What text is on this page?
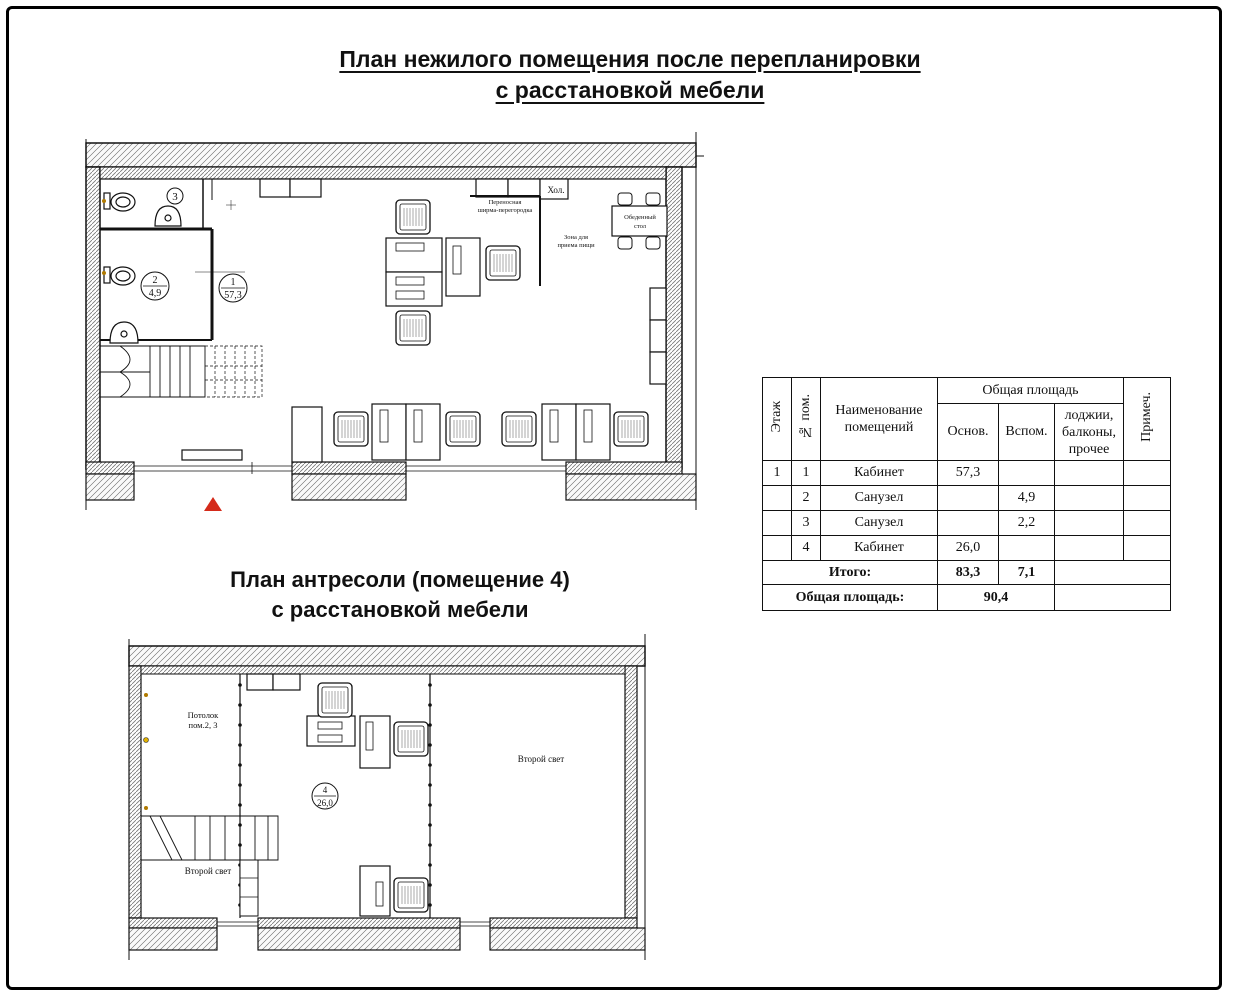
План нежилого помещения после перепланировки
с расстановкой мебели
План антресоли (помещение 4)
с расстановкой мебели
3
2
4,9
1
57,3
Хол.
Переносная
ширма-перегородка
Зона для
приема пищи
Обеденный
стол
Потолок
пом.2, 3
4
26,0
Второй свет
Второй свет
Этаж	№ пом.	Наименование помещений	Общая площадь			Примеч.
			Основ.	Вспом.	лоджии, балконы, прочее	

1	1	Кабинет	57,3			
	2	Санузел		4,9		
	3	Санузел		2,2		
	4	Кабинет	26,0			
Итого:			83,3	7,1		
Общая площадь:			90,4			
